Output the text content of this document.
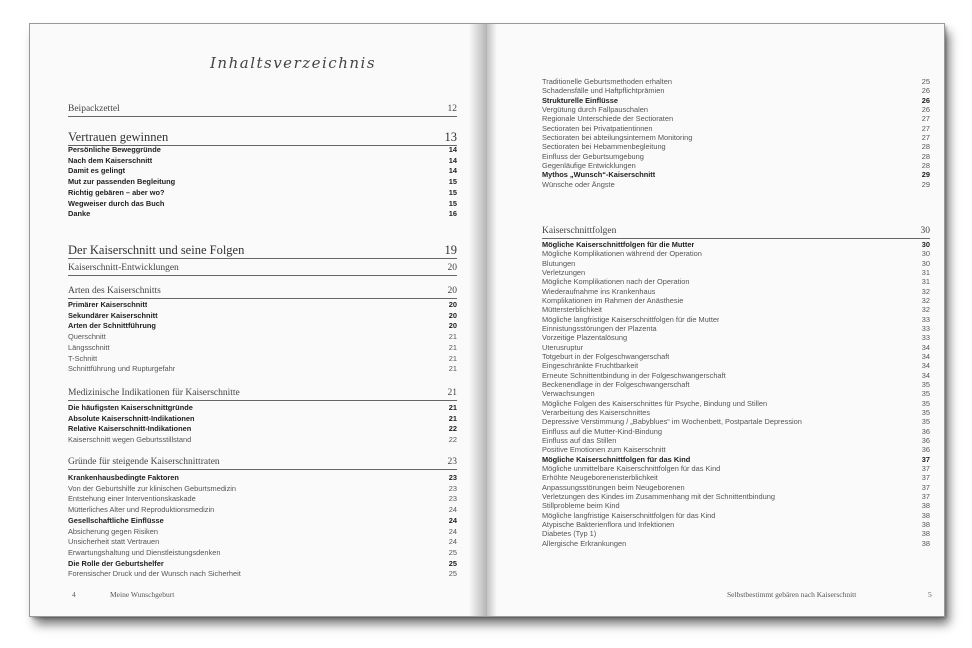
Inhaltsverzeichnis
Beipackzettel	12
Vertrauen gewinnen	13
Persönliche Beweggründe	14
Nach dem Kaiserschnitt	14
Damit es gelingt	14
Mut zur passenden Begleitung	15
Richtig gebären – aber wo?	15
Wegweiser durch das Buch	15
Danke	16
Der Kaiserschnitt und seine Folgen	19
Kaiserschnitt-Entwicklungen	20
Arten des Kaiserschnitts	20
Primärer Kaiserschnitt	20
Sekundärer Kaiserschnitt	20
Arten der Schnittführung	20
Querschnitt	21
Längsschnitt	21
T-Schnitt	21
Schnittführung und Rupturgefahr	21
Medizinische Indikationen für Kaiserschnitte	21
Die häufigsten Kaiserschnittgründe	21
Absolute Kaiserschnitt-Indikationen	21
Relative Kaiserschnitt-Indikationen	22
Kaiserschnitt wegen Geburtsstillstand	22
Gründe für steigende Kaiserschnittraten	23
Krankenhausbedingte Faktoren	23
Von der Geburtshilfe zur klinischen Geburtsmedizin	23
Entstehung einer Interventionskaskade	23
Mütterliches Alter und Reproduktionsmedizin	24
Gesellschaftliche Einflüsse	24
Absicherung gegen Risiken	24
Unsicherheit statt Vertrauen	24
Erwartungshaltung und Dienstleistungsdenken	25
Die Rolle der Geburtshelfer	25
Forensischer Druck und der Wunsch nach Sicherheit	25
4	Meine Wunschgeburt
Traditionelle Geburtsmethoden erhalten	25
Schadensfälle und Haftpflichtprämien	26
Strukturelle Einflüsse	26
Vergütung durch Fallpauschalen	26
Regionale Unterschiede der Sectioraten	27
Sectioraten bei Privatpatientinnen	27
Sectioraten bei abteilungsinternem Monitoring	27
Sectioraten bei Hebammenbegleitung	28
Einfluss der Geburtsumgebung	28
Gegenläufige Entwicklungen	28
Mythos „Wunsch“-Kaiserschnitt	29
Wünsche oder Ängste	29
Kaiserschnittfolgen	30
Mögliche Kaiserschnittfolgen für die Mutter	30
Mögliche Komplikationen während der Operation	30
Blutungen	30
Verletzungen	31
Mögliche Komplikationen nach der Operation	31
Wiederaufnahme ins Krankenhaus	32
Komplikationen im Rahmen der Anästhesie	32
Müttersterblichkeit	32
Mögliche langfristige Kaiserschnittfolgen für die Mutter	33
Einnistungsstörungen der Plazenta	33
Vorzeitige Plazentalösung	33
Uterusruptur	34
Totgeburt in der Folgeschwangerschaft	34
Eingeschränkte Fruchtbarkeit	34
Erneute Schnittentbindung in der Folgeschwangerschaft	34
Beckenendlage in der Folgeschwangerschaft	35
Verwachsungen	35
Mögliche Folgen des Kaiserschnittes für Psyche, Bindung und Stillen	35
Verarbeitung des Kaiserschnittes	35
Depressive Verstimmung / „Babyblues“ im Wochenbett, Postpartale Depression	35
Einfluss auf die Mutter-Kind-Bindung	36
Einfluss auf das Stillen	36
Positive Emotionen zum Kaiserschnitt	36
Mögliche Kaiserschnittfolgen für das Kind	37
Mögliche unmittelbare Kaiserschnittfolgen für das Kind	37
Erhöhte Neugeborenensterblichkeit	37
Anpassungsstörungen beim Neugeborenen	37
Verletzungen des Kindes im Zusammenhang mit der Schnittentbindung	37
Stillprobleme beim Kind	38
Mögliche langfristige Kaiserschnittfolgen für das Kind	38
Atypische Bakterienflora und Infektionen	38
Diabetes (Typ 1)	38
Allergische Erkrankungen	38
Selbstbestimmt gebären nach Kaiserschnitt	5
